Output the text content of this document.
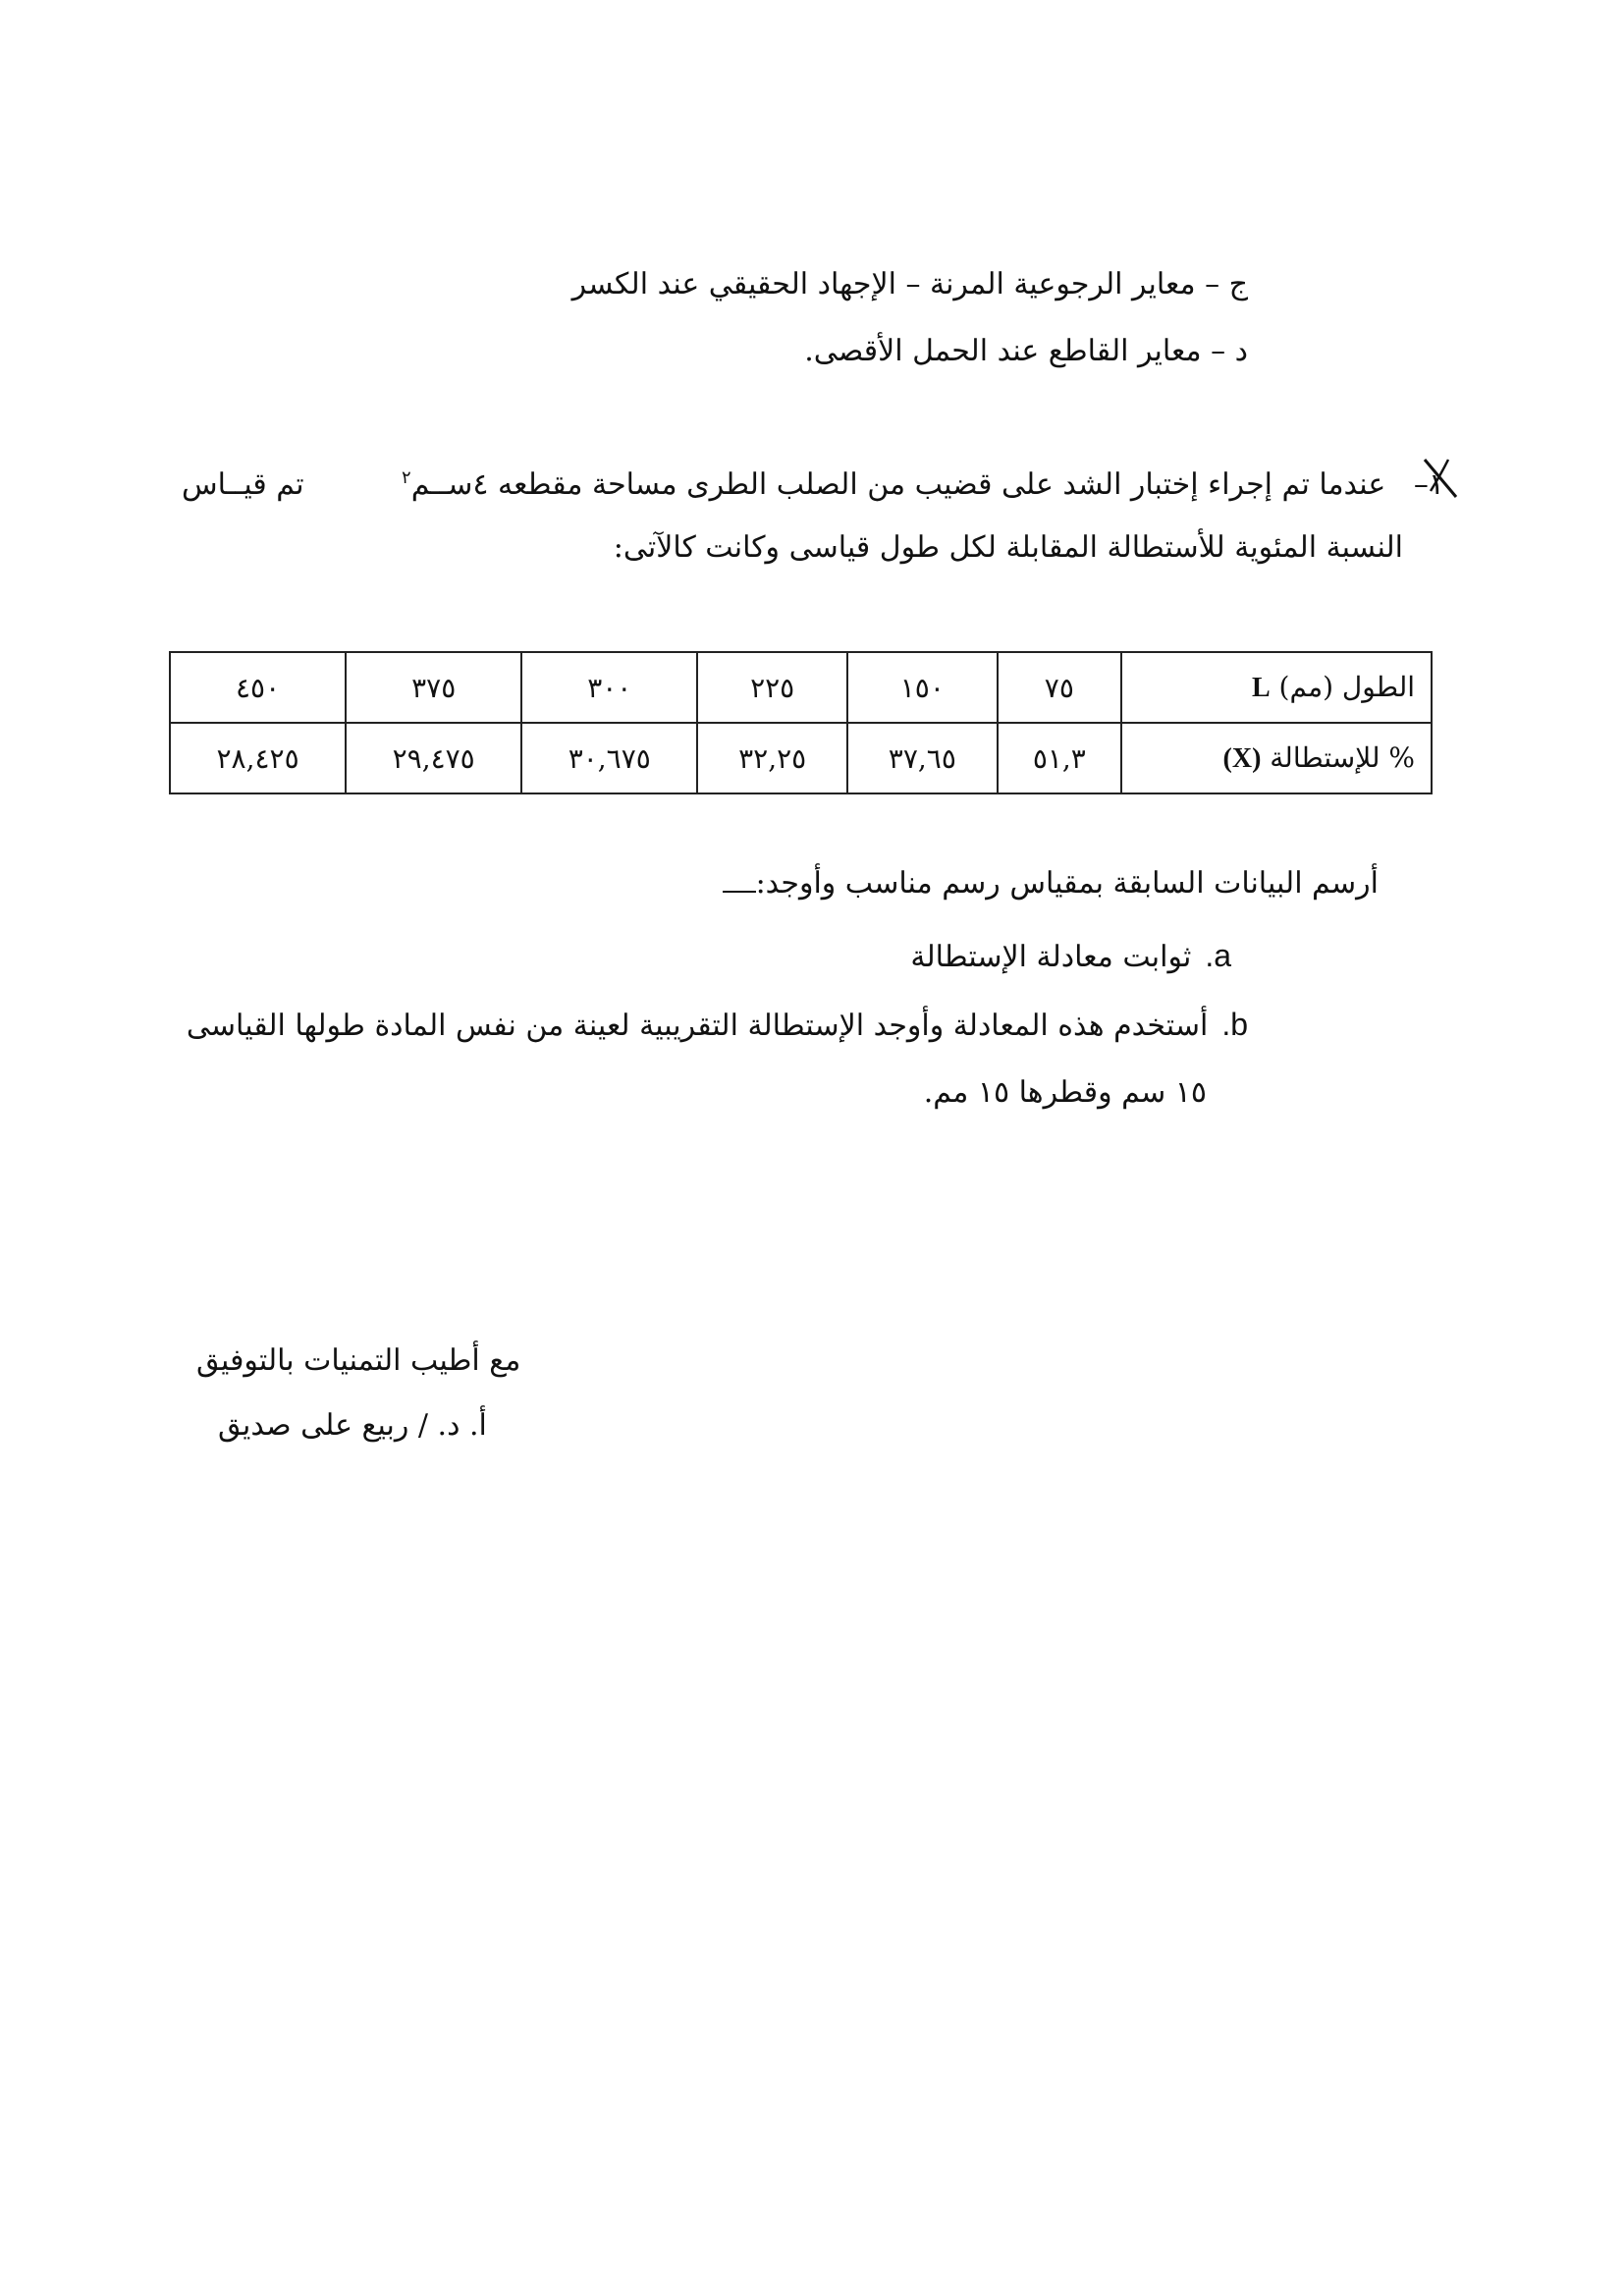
ج – معاير الرجوعية المرنة – الإجهاد الحقيقي عند الكسر
د – معاير القاطع عند الحمل الأقصى.
١–
عندما تم إجراء إختبار الشد على قضيب من الصلب الطرى مساحة مقطعه ٤ســم$^٢$
تم قيــاس
النسبة المئوية للأستطالة المقابلة لكل طول قياسى وكانت كالآتى:
الطول (مم) L	٧٥	١٥٠	٢٢٥	٣٠٠	٣٧٥	٤٥٠
% للإستطالة (X)	٥١,٣	٣٧,٦٥	٣٢,٢٥	٣٠,٦٧٥	٢٩,٤٧٥	٢٨,٤٢٥
أرسم البيانات السابقة بمقياس رسم مناسب وأوجد:
a.ثوابت معادلة الإستطالة
b.أستخدم هذه المعادلة وأوجد الإستطالة التقريبية لعينة من نفس المادة طولها القياسى
١٥ سم وقطرها ١٥ مم.
مع أطيب التمنيات بالتوفيق
أ. د. / ربيع على صديق
